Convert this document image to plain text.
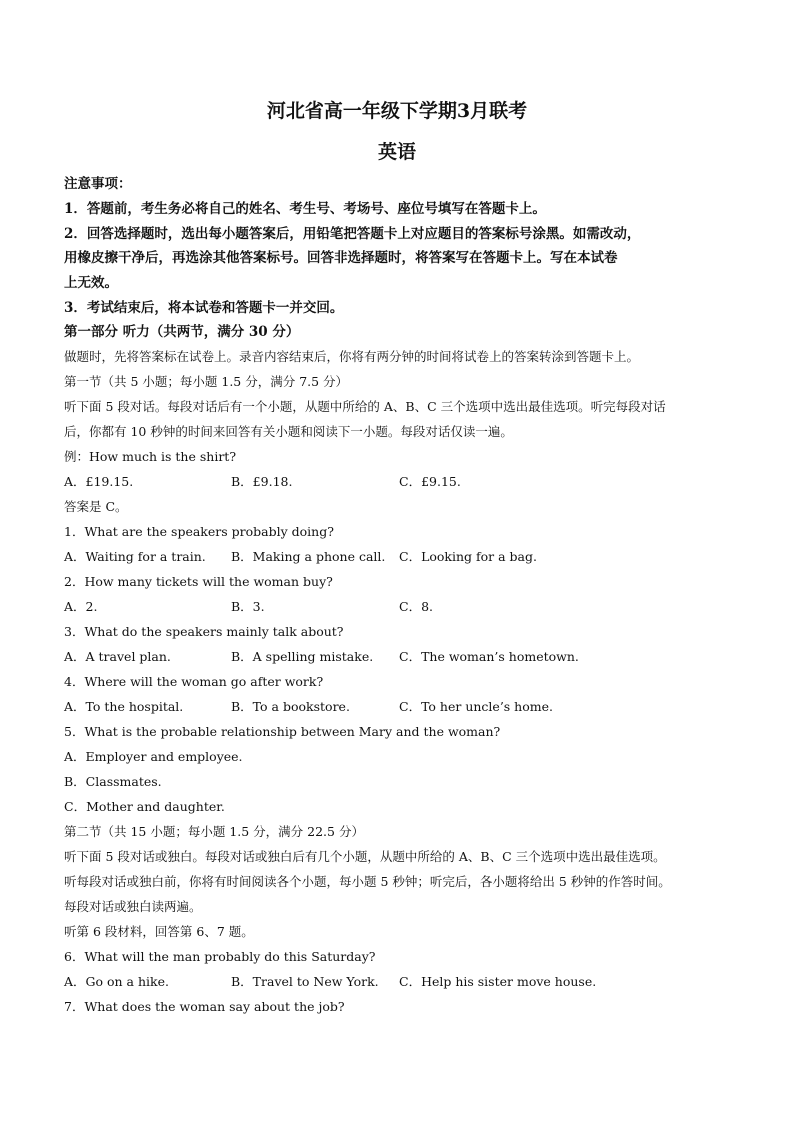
河北省高一年级下学期3月联考
英语
注意事项：
1．答题前，考生务必将自己的姓名、考生号、考场号、座位号填写在答题卡上。
2．回答选择题时，选出每小题答案后，用铅笔把答题卡上对应题目的答案标号涂黑。如需改动，
用橡皮擦干净后，再选涂其他答案标号。回答非选择题时，将答案写在答题卡上。写在本试卷
上无效。
3．考试结束后，将本试卷和答题卡一并交回。
第一部分 听力（共两节，满分 30 分）
做题时，先将答案标在试卷上。录音内容结束后，你将有两分钟的时间将试卷上的答案转涂到答题卡上。
第一节（共 5 小题；每小题 1.5 分，满分 7.5 分）
听下面 5 段对话。每段对话后有一个小题，从题中所给的 A、B、C 三个选项中选出最佳选项。听完每段对话
后，你都有 10 秒钟的时间来回答有关小题和阅读下一小题。每段对话仅读一遍。
例：How much is the shirt?
A．£19.15.	B．£9.18.	C．£9.15.
答案是 C。
1．What are the speakers probably doing?
A．Waiting for a train. B．Making a phone call. C．Looking for a bag.
2．How many tickets will the woman buy?
A．2.	B．3.	C．8.
3．What do the speakers mainly talk about?
A．A travel plan.	B．A spelling mistake. C．The woman’s hometown.
4．Where will the woman go after work?
A．To the hospital.	B．To a bookstore.	C．To her uncle’s home.
5．What is the probable relationship between Mary and the woman?
A．Employer and employee.
B．Classmates.
C．Mother and daughter.
第二节（共 15 小题；每小题 1.5 分，满分 22.5 分）
听下面 5 段对话或独白。每段对话或独白后有几个小题，从题中所给的 A、B、C 三个选项中选出最佳选项。
听每段对话或独白前，你将有时间阅读各个小题，每小题 5 秒钟；听完后，各小题将给出 5 秒钟的作答时间。
每段对话或独白读两遍。
听第 6 段材料，回答第 6、7 题。
6．What will the man probably do this Saturday?
A．Go on a hike.	B．Travel to New York. C．Help his sister move house.
7．What does the woman say about the job?
